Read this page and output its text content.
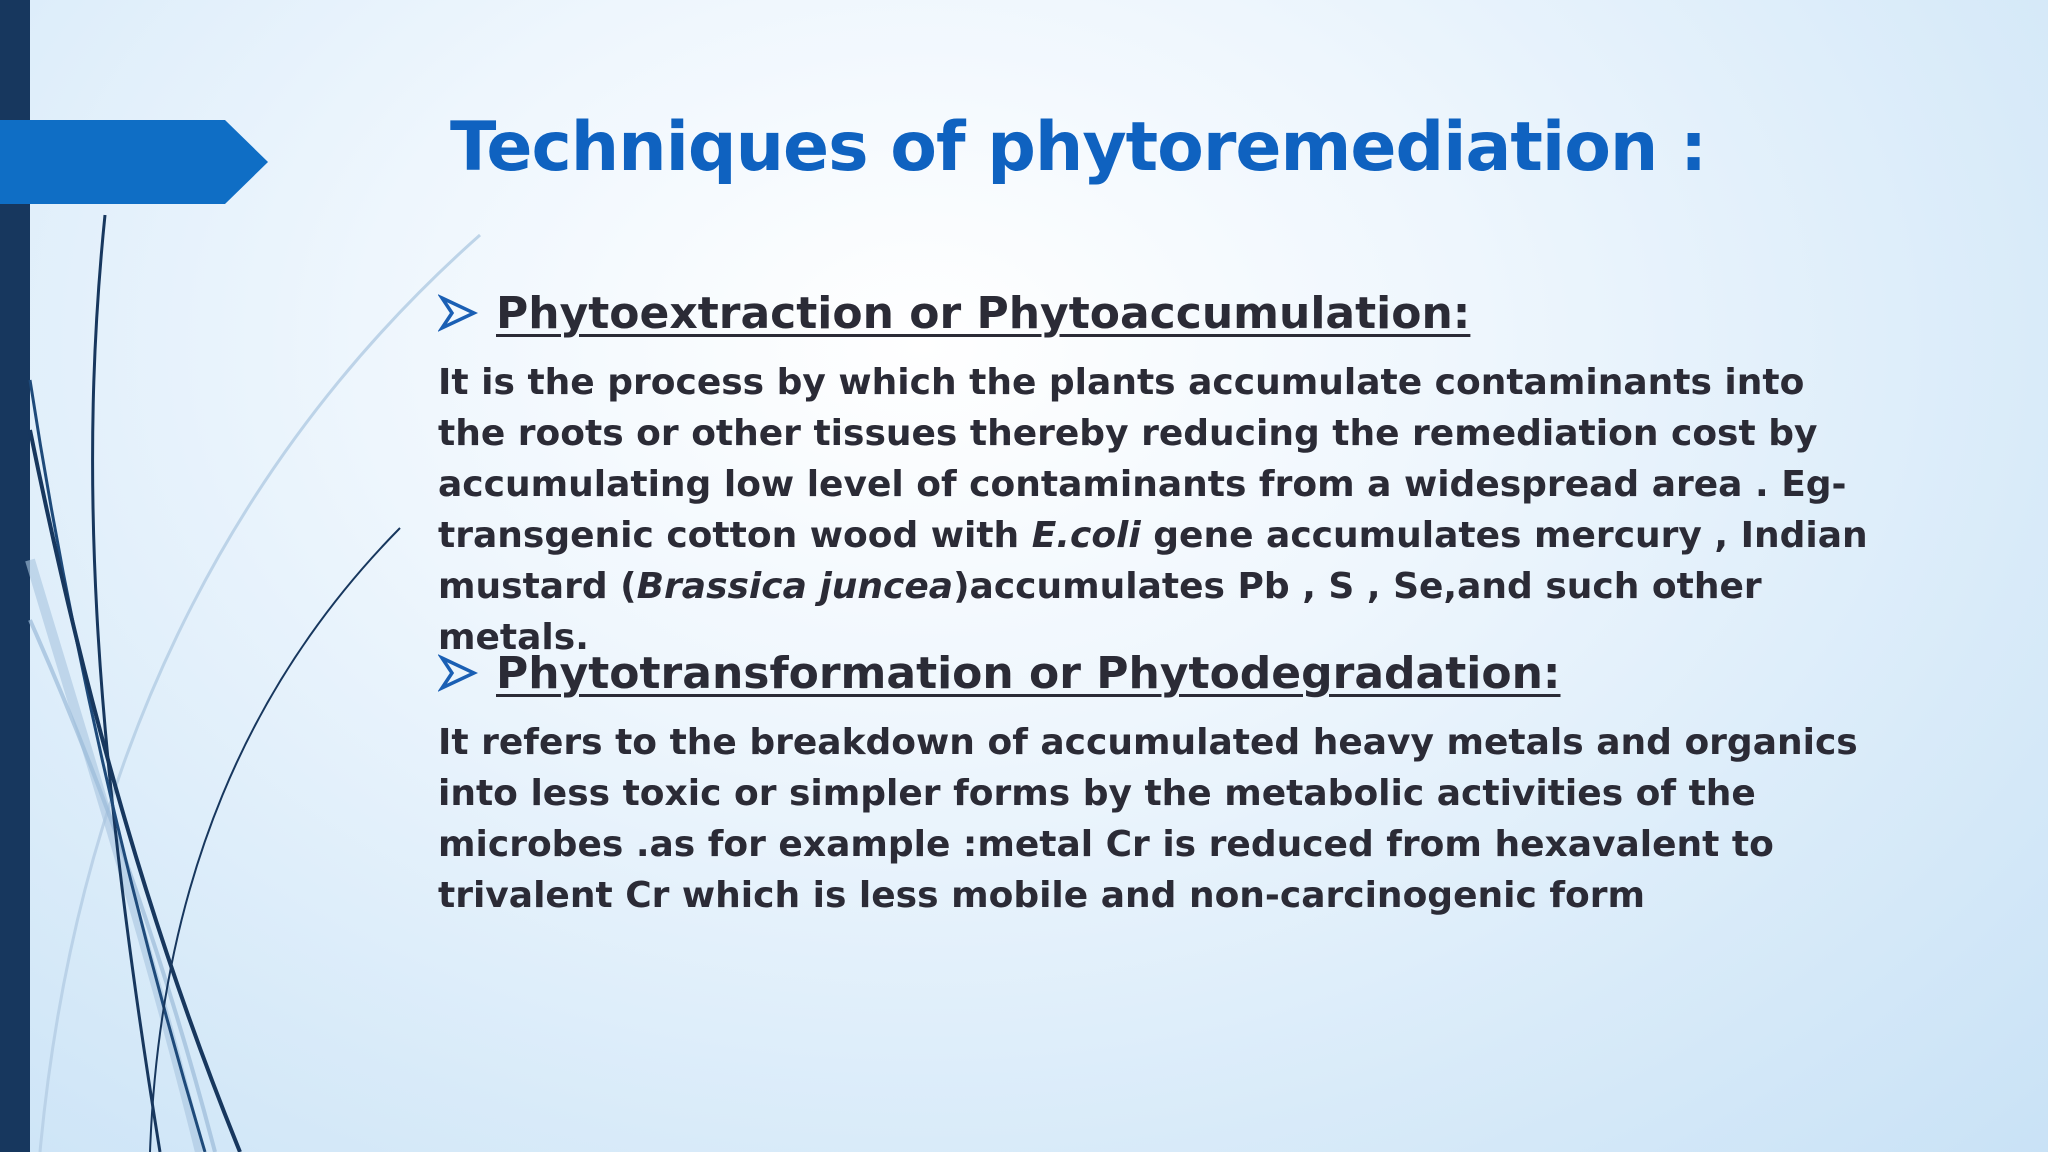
Techniques of phytoremediation :
Phytoextraction or Phytoaccumulation:

It is the process by which the plants accumulate contaminants into the roots or other tissues thereby reducing the remediation cost by accumulating low level of contaminants from a widespread area . Eg- transgenic cotton wood with E.coli gene accumulates mercury , Indian mustard (Brassica juncea)accumulates Pb , S , Se,and such other metals.

Phytotransformation or Phytodegradation:

It refers to the breakdown of accumulated heavy metals and organics into less toxic or simpler forms by the metabolic activities of the microbes .as for example :metal Cr is reduced from hexavalent to trivalent Cr which is less mobile and non-carcinogenic form
